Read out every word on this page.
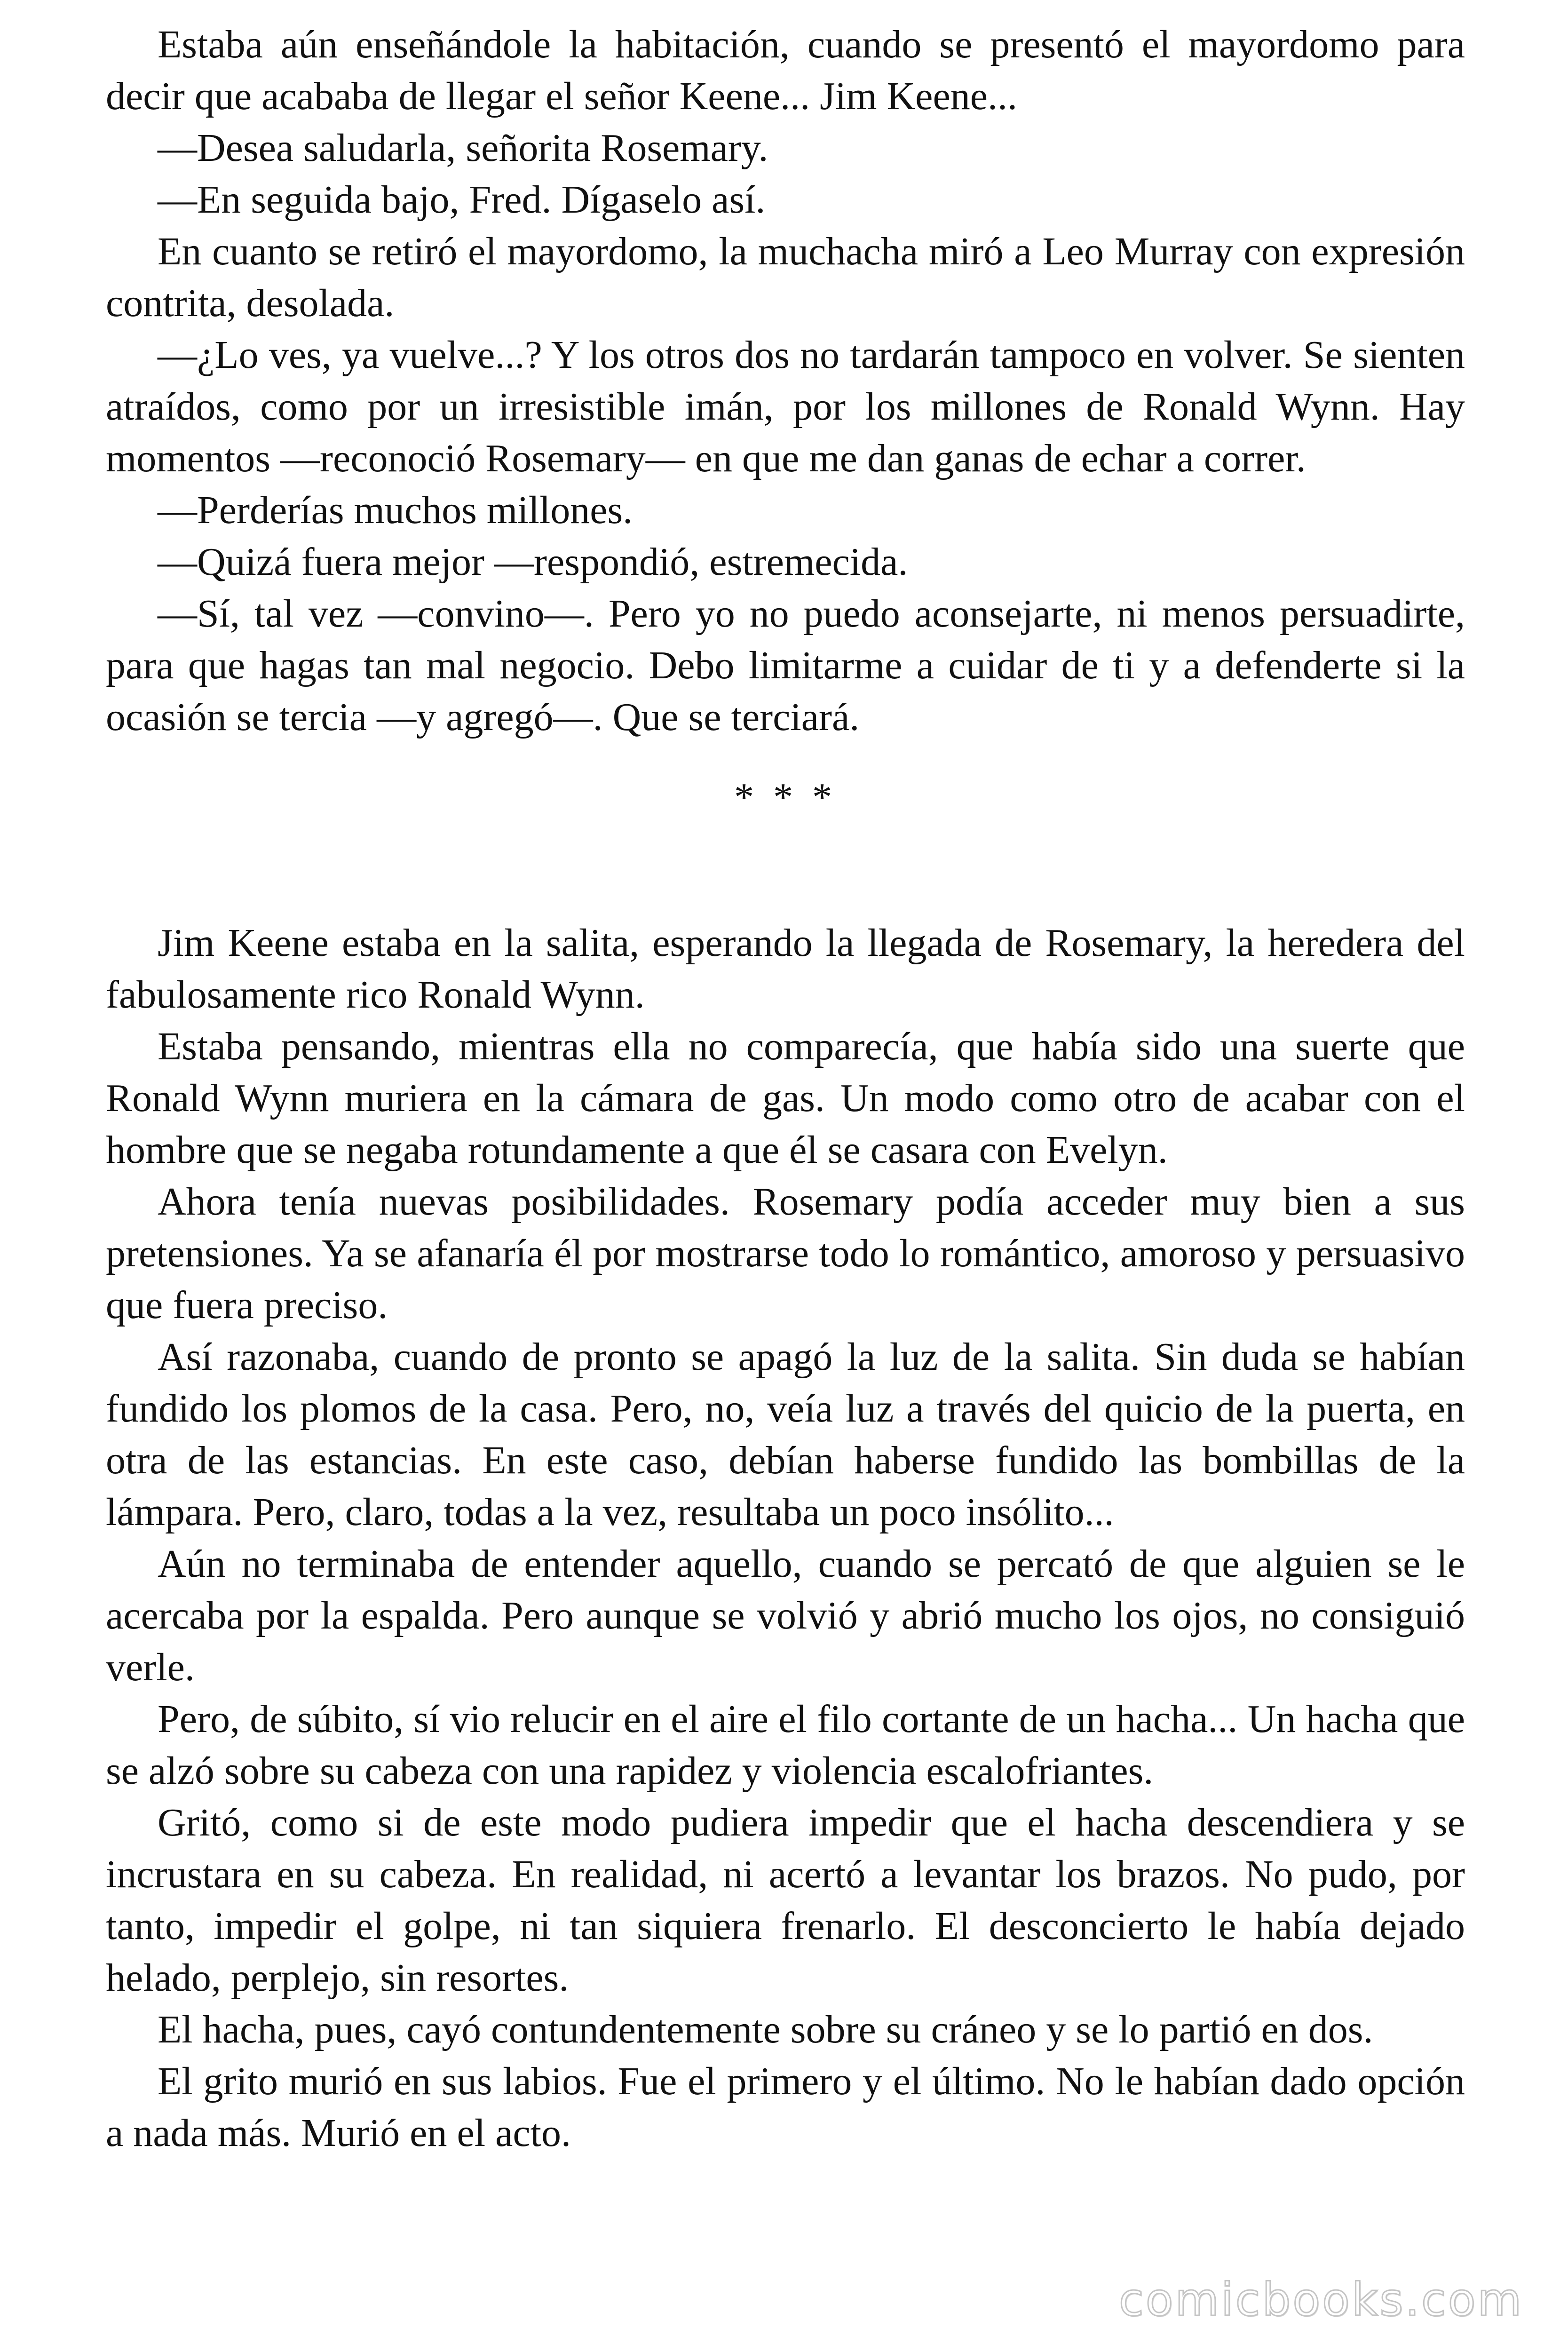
Estaba aún enseñándole la habitación, cuando se presentó el mayordomo para decir que acababa de llegar el señor Keene... Jim Keene...

—Desea saludarla, señorita Rosemary.

—En seguida bajo, Fred. Dígaselo así.

En cuanto se retiró el mayordomo, la muchacha miró a Leo Murray con expresión contrita, desolada.

—¿Lo ves, ya vuelve...? Y los otros dos no tardarán tampoco en volver. Se sienten atraídos, como por un irresistible imán, por los millones de Ronald Wynn. Hay momentos —reconoció Rosemary— en que me dan ganas de echar a correr.

—Perderías muchos millones.

—Quizá fuera mejor —respondió, estremecida.

—Sí, tal vez —convino—. Pero yo no puedo aconsejarte, ni menos persuadirte, para que hagas tan mal negocio. Debo limitarme a cuidar de ti y a defenderte si la ocasión se tercia —y agregó—. Que se terciará.

* * *

Jim Keene estaba en la salita, esperando la llegada de Rosemary, la heredera del fabulosamente rico Ronald Wynn.

Estaba pensando, mientras ella no comparecía, que había sido una suerte que Ronald Wynn muriera en la cámara de gas. Un modo como otro de acabar con el hombre que se negaba rotundamente a que él se casara con Evelyn.

Ahora tenía nuevas posibilidades. Rosemary podía acceder muy bien a sus pretensiones. Ya se afanaría él por mostrarse todo lo romántico, amoroso y persuasivo que fuera preciso.

Así razonaba, cuando de pronto se apagó la luz de la salita. Sin duda se habían fundido los plomos de la casa. Pero, no, veía luz a través del quicio de la puerta, en otra de las estancias. En este caso, debían haberse fundido las bombillas de la lámpara. Pero, claro, todas a la vez, resultaba un poco insólito...

Aún no terminaba de entender aquello, cuando se percató de que alguien se le acercaba por la espalda. Pero aunque se volvió y abrió mucho los ojos, no consiguió verle.

Pero, de súbito, sí vio relucir en el aire el filo cortante de un hacha... Un hacha que se alzó sobre su cabeza con una rapidez y violencia escalofriantes.

Gritó, como si de este modo pudiera impedir que el hacha descendiera y se incrustara en su cabeza. En realidad, ni acertó a levantar los brazos. No pudo, por tanto, impedir el golpe, ni tan siquiera frenarlo. El desconcierto le había dejado helado, perplejo, sin resortes.

El hacha, pues, cayó contundentemente sobre su cráneo y se lo partió en dos.

El grito murió en sus labios. Fue el primero y el último. No le habían dado opción a nada más. Murió en el acto.

comicbooks.com
